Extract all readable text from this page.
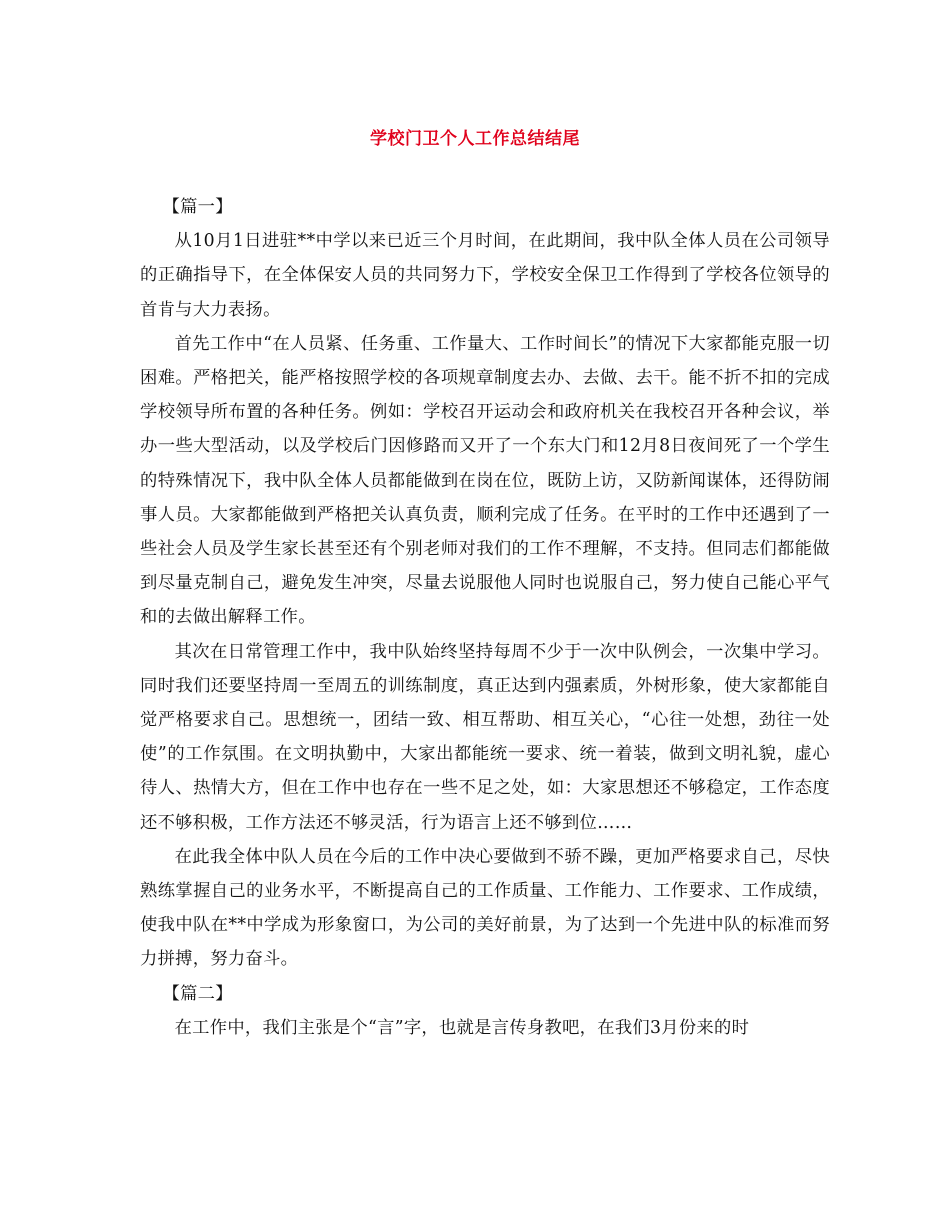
学校门卫个人工作总结结尾

【篇一】

从10月1日进驻**中学以来已近三个月时间，在此期间，我中队全体人员在公司领导的正确指导下，在全体保安人员的共同努力下，学校安全保卫工作得到了学校各位领导的首肯与大力表扬。

首先工作中“在人员紧、任务重、工作量大、工作时间长”的情况下大家都能克服一切困难。严格把关，能严格按照学校的各项规章制度去办、去做、去干。能不折不扣的完成学校领导所布置的各种任务。例如：学校召开运动会和政府机关在我校召开各种会议，举办一些大型活动，以及学校后门因修路而又开了一个东大门和12月8日夜间死了一个学生的特殊情况下，我中队全体人员都能做到在岗在位，既防上访，又防新闻谋体，还得防闹事人员。大家都能做到严格把关认真负责，顺利完成了任务。在平时的工作中还遇到了一些社会人员及学生家长甚至还有个别老师对我们的工作不理解，不支持。但同志们都能做到尽量克制自己，避免发生冲突，尽量去说服他人同时也说服自己，努力使自己能心平气和的去做出解释工作。

其次在日常管理工作中，我中队始终坚持每周不少于一次中队例会，一次集中学习。同时我们还要坚持周一至周五的训练制度，真正达到内强素质，外树形象，使大家都能自觉严格要求自己。思想统一，团结一致、相互帮助、相互关心，“心往一处想，劲往一处使”的工作氛围。在文明执勤中，大家出都能统一要求、统一着装，做到文明礼貌，虚心待人、热情大方，但在工作中也存在一些不足之处，如：大家思想还不够稳定，工作态度还不够积极，工作方法还不够灵活，行为语言上还不够到位……

在此我全体中队人员在今后的工作中决心要做到不骄不躁，更加严格要求自己，尽快熟练掌握自己的业务水平，不断提高自己的工作质量、工作能力、工作要求、工作成绩，使我中队在**中学成为形象窗口，为公司的美好前景，为了达到一个先进中队的标准而努力拼搏，努力奋斗。

【篇二】

在工作中，我们主张是个“言”字，也就是言传身教吧，在我们3月份来的时
